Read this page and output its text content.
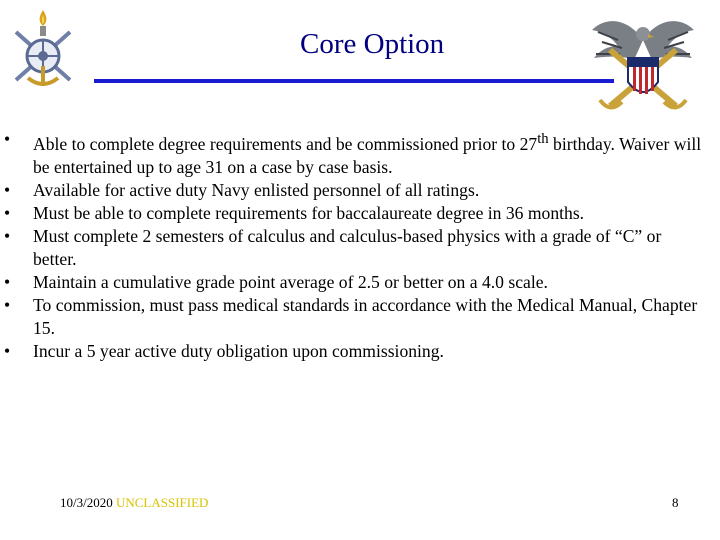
Core Option
•	Able to complete degree requirements and be commissioned prior to 27th birthday. Waiver will be entertained up to age 31 on a case by case basis.
•	Available for active duty Navy enlisted personnel of all ratings.
•	Must be able to complete requirements for baccalaureate degree in 36 months.
•	Must complete 2 semesters of calculus and calculus-based physics with a grade of “C” or better.
•	Maintain a cumulative grade point average of 2.5 or better on a 4.0 scale.
•	To commission, must pass medical standards in accordance with the Medical Manual, Chapter 15.
•	Incur a 5 year active duty obligation upon commissioning.
10/3/2020 UNCLASSIFIED	8
